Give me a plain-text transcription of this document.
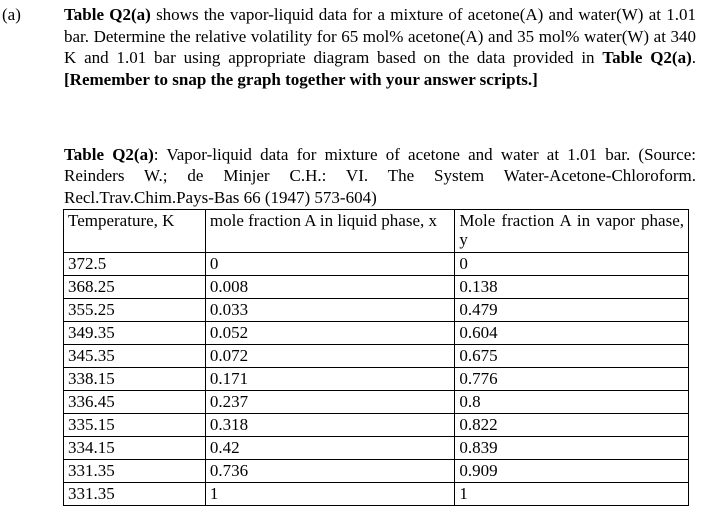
(a)	Table Q2(a) shows the vapor-liquid data for a mixture of acetone(A) and water(W) at 1.01 bar. Determine the relative volatility for 65 mol% acetone(A) and 35 mol% water(W) at 340 K and 1.01 bar using appropriate diagram based on the data provided in Table Q2(a). [Remember to snap the graph together with your answer scripts.]
Table Q2(a): Vapor-liquid data for mixture of acetone and water at 1.01 bar. (Source: Reinders W.; de Minjer C.H.: VI. The System Water-Acetone-Chloroform. Recl.Trav.Chim.Pays-Bas 66 (1947) 573-604)
Temperature, K	mole fraction A in liquid phase, x	Mole fraction A in vapor phase, y
372.5	0	0
368.25	0.008	0.138
355.25	0.033	0.479
349.35	0.052	0.604
345.35	0.072	0.675
338.15	0.171	0.776
336.45	0.237	0.8
335.15	0.318	0.822
334.15	0.42	0.839
331.35	0.736	0.909
331.35	1	1
